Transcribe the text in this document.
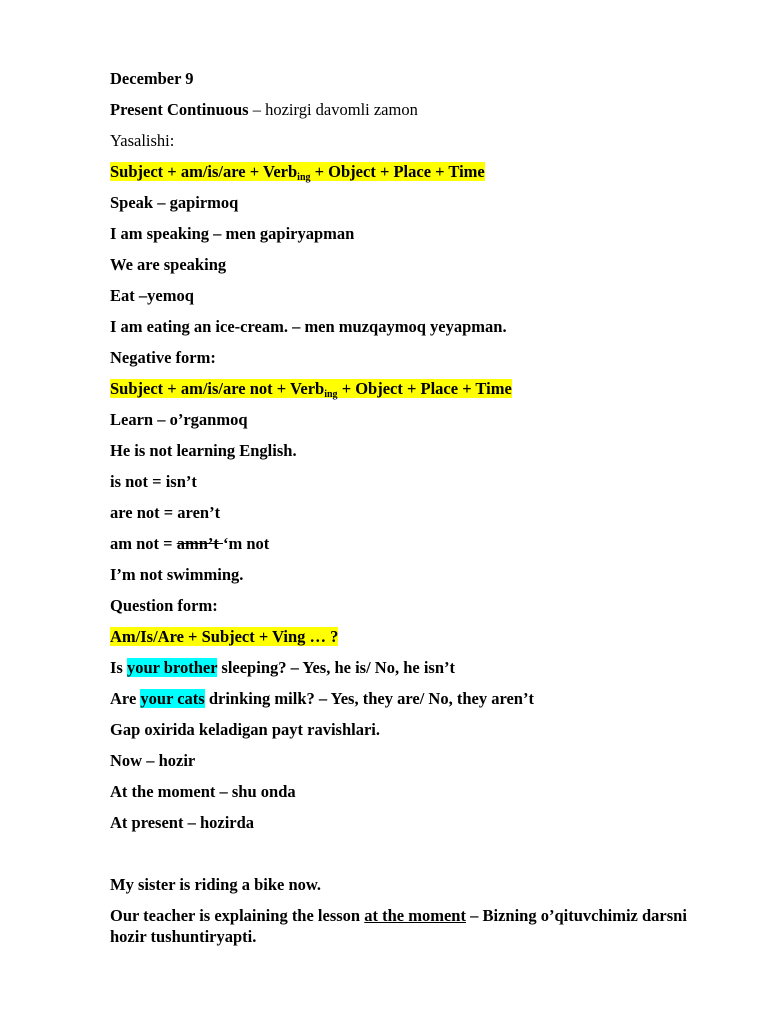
December 9
Present Continuous – hozirgi davomli zamon
Yasalishi:
Subject + am/is/are + Verb$_{ing}$ + Object + Place + Time
Speak – gapirmoq
I am speaking – men gapiryapman
We are speaking
Eat –yemoq
I am eating an ice-cream. – men muzqaymoq yeyapman.
Negative form:
Subject + am/is/are not + Verb$_{ing}$ + Object + Place + Time
Learn – o’rganmoq
He is not learning English.
is not = isn’t
are not = aren’t
am not = amn’t ‘m not
I’m not swimming.
Question form:
Am/Is/Are + Subject + Ving … ?
Is your brother sleeping? – Yes, he is/ No, he isn’t
Are your cats drinking milk? – Yes, they are/ No, they aren’t
Gap oxirida keladigan payt ravishlari.
Now – hozir
At the moment – shu onda
At present – hozirda
My sister is riding a bike now.
Our teacher is explaining the lesson at the moment – Bizning o’qituvchimiz darsni hozir tushuntiryapti.
